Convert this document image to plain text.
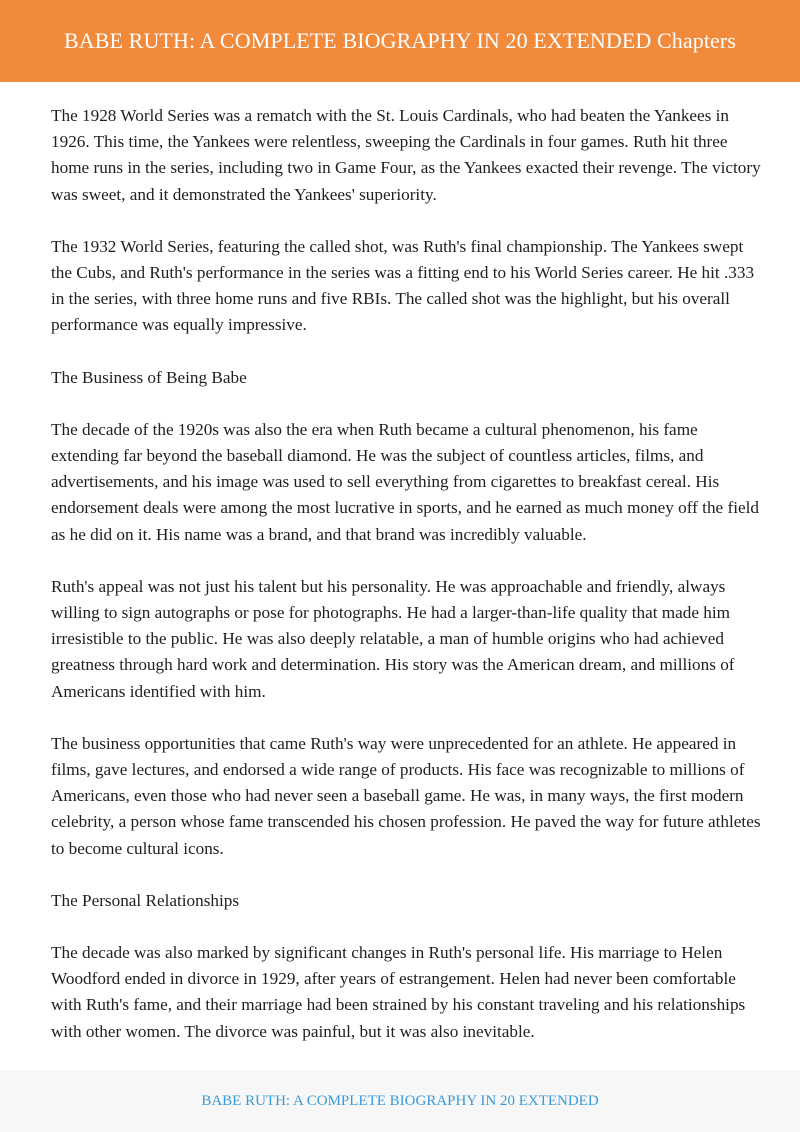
BABE RUTH: A COMPLETE BIOGRAPHY IN 20 EXTENDED Chapters

The 1928 World Series was a rematch with the St. Louis Cardinals, who had beaten the Yankees in 1926. This time, the Yankees were relentless, sweeping the Cardinals in four games. Ruth hit three home runs in the series, including two in Game Four, as the Yankees exacted their revenge. The victory was sweet, and it demonstrated the Yankees' superiority.

The 1932 World Series, featuring the called shot, was Ruth's final championship. The Yankees swept the Cubs, and Ruth's performance in the series was a fitting end to his World Series career. He hit .333 in the series, with three home runs and five RBIs. The called shot was the highlight, but his overall performance was equally impressive.

The Business of Being Babe

The decade of the 1920s was also the era when Ruth became a cultural phenomenon, his fame extending far beyond the baseball diamond. He was the subject of countless articles, films, and advertisements, and his image was used to sell everything from cigarettes to breakfast cereal. His endorsement deals were among the most lucrative in sports, and he earned as much money off the field as he did on it. His name was a brand, and that brand was incredibly valuable.

Ruth's appeal was not just his talent but his personality. He was approachable and friendly, always willing to sign autographs or pose for photographs. He had a larger-than-life quality that made him irresistible to the public. He was also deeply relatable, a man of humble origins who had achieved greatness through hard work and determination. His story was the American dream, and millions of Americans identified with him.

The business opportunities that came Ruth's way were unprecedented for an athlete. He appeared in films, gave lectures, and endorsed a wide range of products. His face was recognizable to millions of Americans, even those who had never seen a baseball game. He was, in many ways, the first modern celebrity, a person whose fame transcended his chosen profession. He paved the way for future athletes to become cultural icons.

The Personal Relationships

The decade was also marked by significant changes in Ruth's personal life. His marriage to Helen Woodford ended in divorce in 1929, after years of estrangement. Helen had never been comfortable with Ruth's fame, and their marriage had been strained by his constant traveling and his relationships with other women. The divorce was painful, but it was also inevitable.

BABE RUTH: A COMPLETE BIOGRAPHY IN 20 EXTENDED
